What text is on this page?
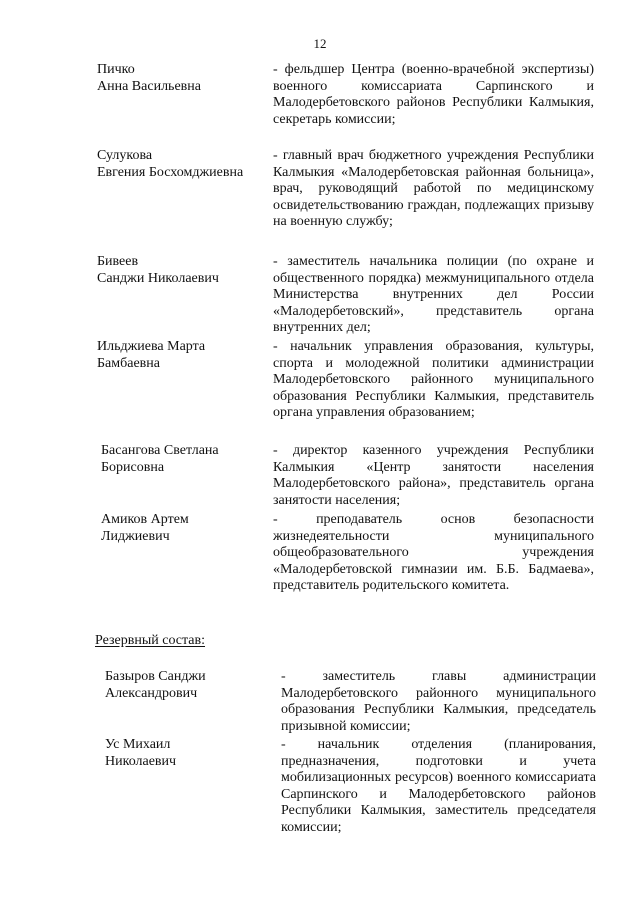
12
Пичко
Анна Васильевна
- фельдшер Центра (военно-врачебной экспертизы) военного комиссариата Сарпинского и Малодербетовского районов Республики Калмыкия, секретарь комиссии;
Сулукова
Евгения Босхомджиевна
- главный врач бюджетного учреждения Республики Калмыкия «Малодербетовская районная больница», врач, руководящий работой по медицинскому освидетельствованию граждан, подлежащих призыву на военную службу;
Бивеев
Санджи Николаевич
- заместитель начальника полиции (по охране и общественного порядка) межмуниципального отдела Министерства внутренних дел России «Малодербетовский», представитель органа внутренних дел;
Ильджиева Марта
Бамбаевна
- начальник управления образования, культуры, спорта и молодежной политики администрации Малодербетовского районного муниципального образования Республики Калмыкия, представитель органа управления образованием;
Басангова Светлана
Борисовна
- директор казенного учреждения Республики Калмыкия «Центр занятости населения Малодербетовского района», представитель органа занятости населения;
Амиков Артем
Лиджиевич
- преподаватель основ безопасности жизнедеятельности муниципального общеобразовательного учреждения «Малодербетовской гимназии им. Б.Б. Бадмаева», представитель родительского комитета.
Резервный состав:
Базыров Санджи
Александрович
- заместитель главы администрации Малодербетовского районного муниципального образования Республики Калмыкия, председатель призывной комиссии;
Ус Михаил
Николаевич
- начальник отделения (планирования, предназначения, подготовки и учета мобилизационных ресурсов) военного комиссариата Сарпинского и Малодербетовского районов Республики Калмыкия, заместитель председателя комиссии;
